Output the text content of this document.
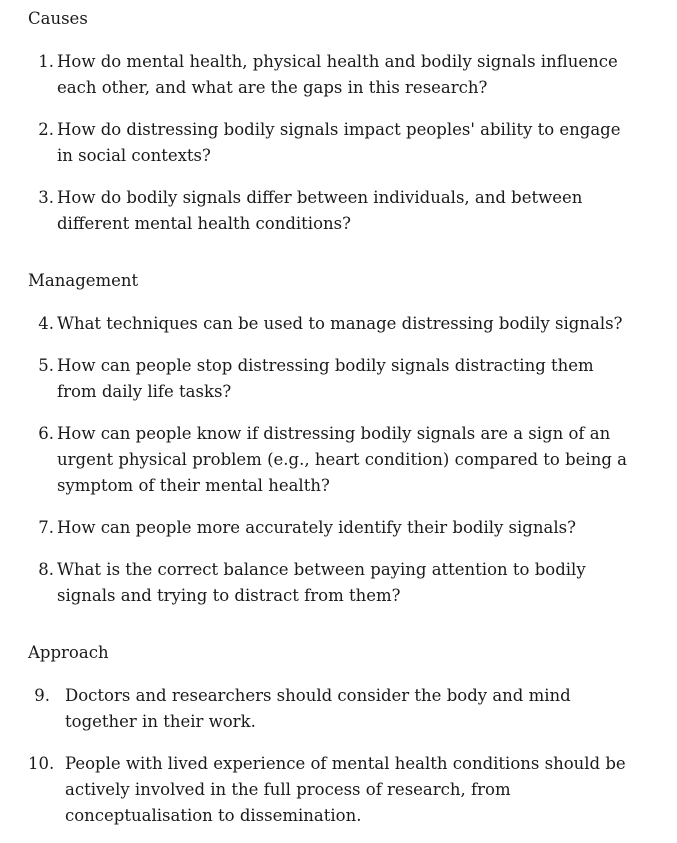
Causes
1. How do mental health, physical health and bodily signals influence each other, and what are the gaps in this research?
2. How do distressing bodily signals impact peoples' ability to engage in social contexts?
3. How do bodily signals differ between individuals, and between different mental health conditions?
Management
4. What techniques can be used to manage distressing bodily signals?
5. How can people stop distressing bodily signals distracting them from daily life tasks?
6. How can people know if distressing bodily signals are a sign of an urgent physical problem (e.g., heart condition) compared to being a symptom of their mental health?
7. How can people more accurately identify their bodily signals?
8. What is the correct balance between paying attention to bodily signals and trying to distract from them?
Approach
9. Doctors and researchers should consider the body and mind together in their work.
10. People with lived experience of mental health conditions should be actively involved in the full process of research, from conceptualisation to dissemination.
